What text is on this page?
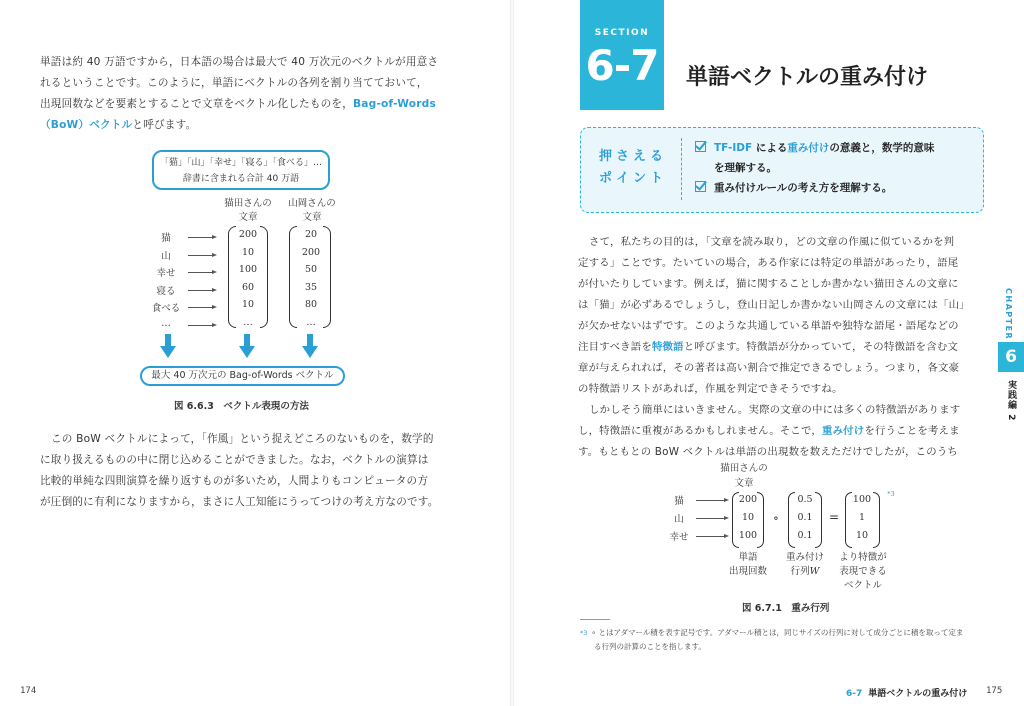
単語は約 40 万語ですから，日本語の場合は最大で 40 万次元のベクトルが用意さ
れるということです。このように，単語にベクトルの各列を割り当てておいて，
出現回数などを要素とすることで文章をベクトル化したものを，Bag-of-Words
（BoW）ベクトルと呼びます。
「猫」「山」「幸せ」「寝る」「食べる」…
辞書に含まれる合計 40 万語
猫田さんの
文章
山岡さんの
文章
猫
山
幸せ
寝る
食べる
…
200
10
100
60
10
…
20
200
50
35
80
…
最大 40 万次元の Bag-of-Words ベクトル
図 6.6.3　ベクトル表現の方法
この BoW ベクトルによって，「作風」という捉えどころのないものを，数学的
に取り扱えるものの中に閉じ込めることができました。なお，ベクトルの演算は
比較的単純な四則演算を繰り返すものが多いため，人間よりもコンピュータの方
が圧倒的に有利になりますから，まさに人工知能にうってつけの考え方なのです。
174
SECTION
6-7 単語ベクトルの重み付け
押さえる
ポイント
TF-IDF による重み付けの意義と，数学的意味
を理解する。
重み付けルールの考え方を理解する。
さて，私たちの目的は，「文章を読み取り，どの文章の作風に似ているかを判
定する」ことです。たいていの場合，ある作家には特定の単語があったり，語尾
が付いたりしています。例えば，猫に関することしか書かない猫田さんの文章に
は「猫」が必ずあるでしょうし，登山日記しか書かない山岡さんの文章には「山」
が欠かせないはずです。このような共通している単語や独特な語尾・語尾などの
注目すべき語を特徴語と呼びます。特徴語が分かっていて，その特徴語を含む文
章が与えられれば，その著者は高い割合で推定できるでしょう。つまり，各文豪
の特徴語リストがあれば，作風を判定できそうですね。
しかしそう簡単にはいきません。実際の文章の中には多くの特徴語があります
し，特徴語に重複があるかもしれません。そこで，重み付けを行うことを考えま
す。もともとの BoW ベクトルは単語の出現数を数えただけでしたが，このうち
猫田さんの
文章
猫
山
幸せ
200
10
100
0.5
0.1
0.1
100
1
10
∘	=
*3
単語
出現回数
重み付け
行列W
より特徴が
表現できる
ベクトル
図 6.7.1　重み行列
*3 ∘ とはアダマール積を表す記号です。アダマール積とは，同じサイズの行列に対して成分ごとに積を取って定ま
る行列の計算のことを指します。
CHAPTER
6
実践編 2
6-7 単語ベクトルの重み付け 175
